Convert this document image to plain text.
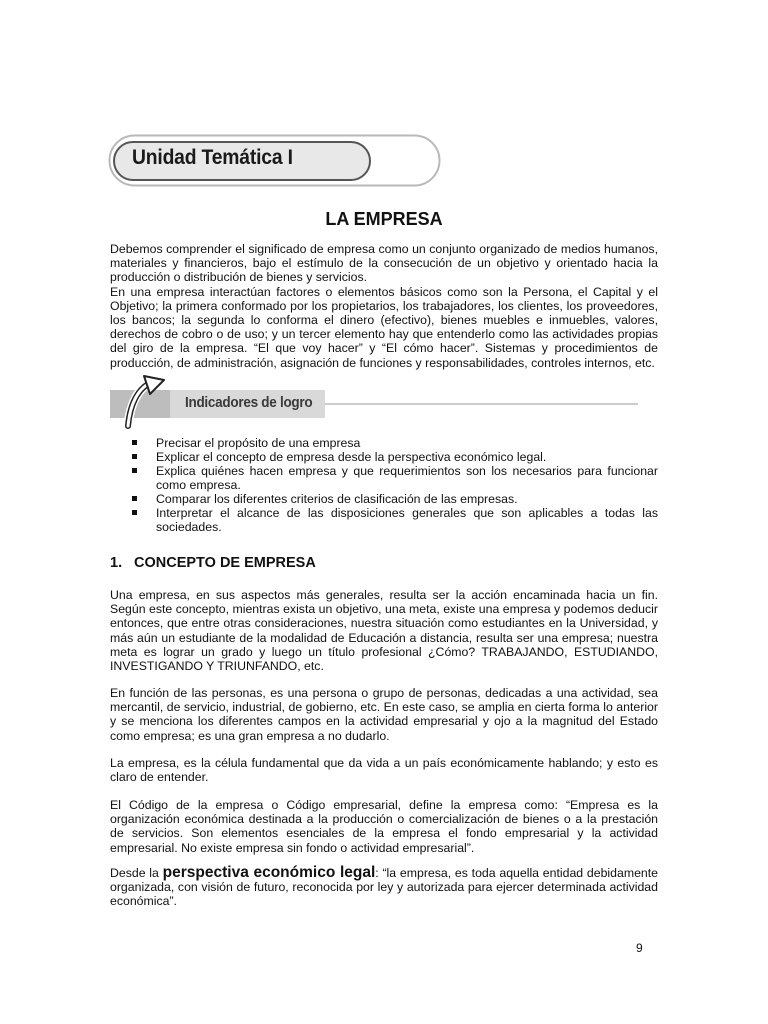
Unidad Temática I
LA EMPRESA

Debemos comprender el significado de empresa como un conjunto organizado de medios humanos, materiales y financieros, bajo el estímulo de la consecución de un objetivo y orientado hacia la producción o distribución de bienes y servicios.

En una empresa interactúan factores o elementos básicos como son la Persona, el Capital y el Objetivo; la primera conformado por los propietarios, los trabajadores, los clientes, los proveedores, los bancos; la segunda lo conforma el dinero (efectivo), bienes muebles e inmuebles, valores, derechos de cobro o de uso; y un tercer elemento hay que entenderlo como las actividades propias del giro de la empresa. “El que voy hacer” y “El cómo hacer”. Sistemas y procedimientos de producción, de administración, asignación de funciones y responsabilidades, controles internos, etc.

Indicadores de logro
Precisar el propósito de una empresa
Explicar el concepto de empresa desde la perspectiva económico legal.
Explica quiénes hacen empresa y que requerimientos son los necesarios para funcionar como empresa.
Comparar los diferentes criterios de clasificación de las empresas.
Interpretar el alcance de las disposiciones generales que son aplicables a todas las sociedades.
1. CONCEPTO DE EMPRESA

Una empresa, en sus aspectos más generales, resulta ser la acción encaminada hacia un fin. Según este concepto, mientras exista un objetivo, una meta, existe una empresa y podemos deducir entonces, que entre otras consideraciones, nuestra situación como estudiantes en la Universidad, y más aún un estudiante de la modalidad de Educación a distancia, resulta ser una empresa; nuestra meta es lograr un grado y luego un título profesional ¿Cómo? TRABAJANDO, ESTUDIANDO, INVESTIGANDO Y TRIUNFANDO, etc.

En función de las personas, es una persona o grupo de personas, dedicadas a una actividad, sea mercantil, de servicio, industrial, de gobierno, etc. En este caso, se amplia en cierta forma lo anterior y se menciona los diferentes campos en la actividad empresarial y ojo a la magnitud del Estado como empresa; es una gran empresa a no dudarlo.

La empresa, es la célula fundamental que da vida a un país económicamente hablando; y esto es claro de entender.

El Código de la empresa o Código empresarial, define la empresa como: “Empresa es la organización económica destinada a la producción o comercialización de bienes o a la prestación de servicios. Son elementos esenciales de la empresa el fondo empresarial y la actividad empresarial. No existe empresa sin fondo o actividad empresarial”.

Desde la perspectiva económico legal: “la empresa, es toda aquella entidad debidamente organizada, con visión de futuro, reconocida por ley y autorizada para ejercer determinada actividad económica”.

9
